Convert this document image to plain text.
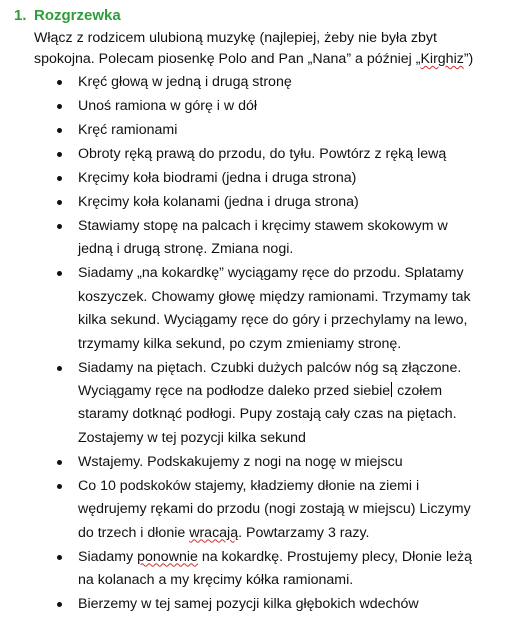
1. Rozgrzewka
Włącz z rodzicem ulubioną muzykę (najlepiej, żeby nie była zbyt
spokojna. Polecam piosenkę Polo and Pan „Nana” a później „Kirghiz”)
Kręć głową w jedną i drugą stronę
Unoś ramiona w górę i w dół
Kręć ramionami
Obroty ręką prawą do przodu, do tyłu. Powtórz z ręką lewą
Kręcimy koła biodrami (jedna i druga strona)
Kręcimy koła kolanami (jedna i druga strona)
Stawiamy stopę na palcach i kręcimy stawem skokowym w
jedną i drugą stronę. Zmiana nogi.
Siadamy „na kokardkę” wyciągamy ręce do przodu. Splatamy
koszyczek. Chowamy głowę między ramionami. Trzymamy tak
kilka sekund. Wyciągamy ręce do góry i przechylamy na lewo,
trzymamy kilka sekund, po czym zmieniamy stronę.
Siadamy na piętach. Czubki dużych palców nóg są złączone.
Wyciągamy ręce na podłodze daleko przed siebie czołem
staramy dotknąć podłogi. Pupy zostają cały czas na piętach.
Zostajemy w tej pozycji kilka sekund
Wstajemy. Podskakujemy z nogi na nogę w miejscu
Co 10 podskoków stajemy, kładziemy dłonie na ziemi i
wędrujemy rękami do przodu (nogi zostają w miejscu) Liczymy
do trzech i dłonie wracają. Powtarzamy 3 razy.
Siadamy ponownie na kokardkę. Prostujemy plecy, Dłonie leżą
na kolanach a my kręcimy kółka ramionami.
Bierzemy w tej samej pozycji kilka głębokich wdechów
